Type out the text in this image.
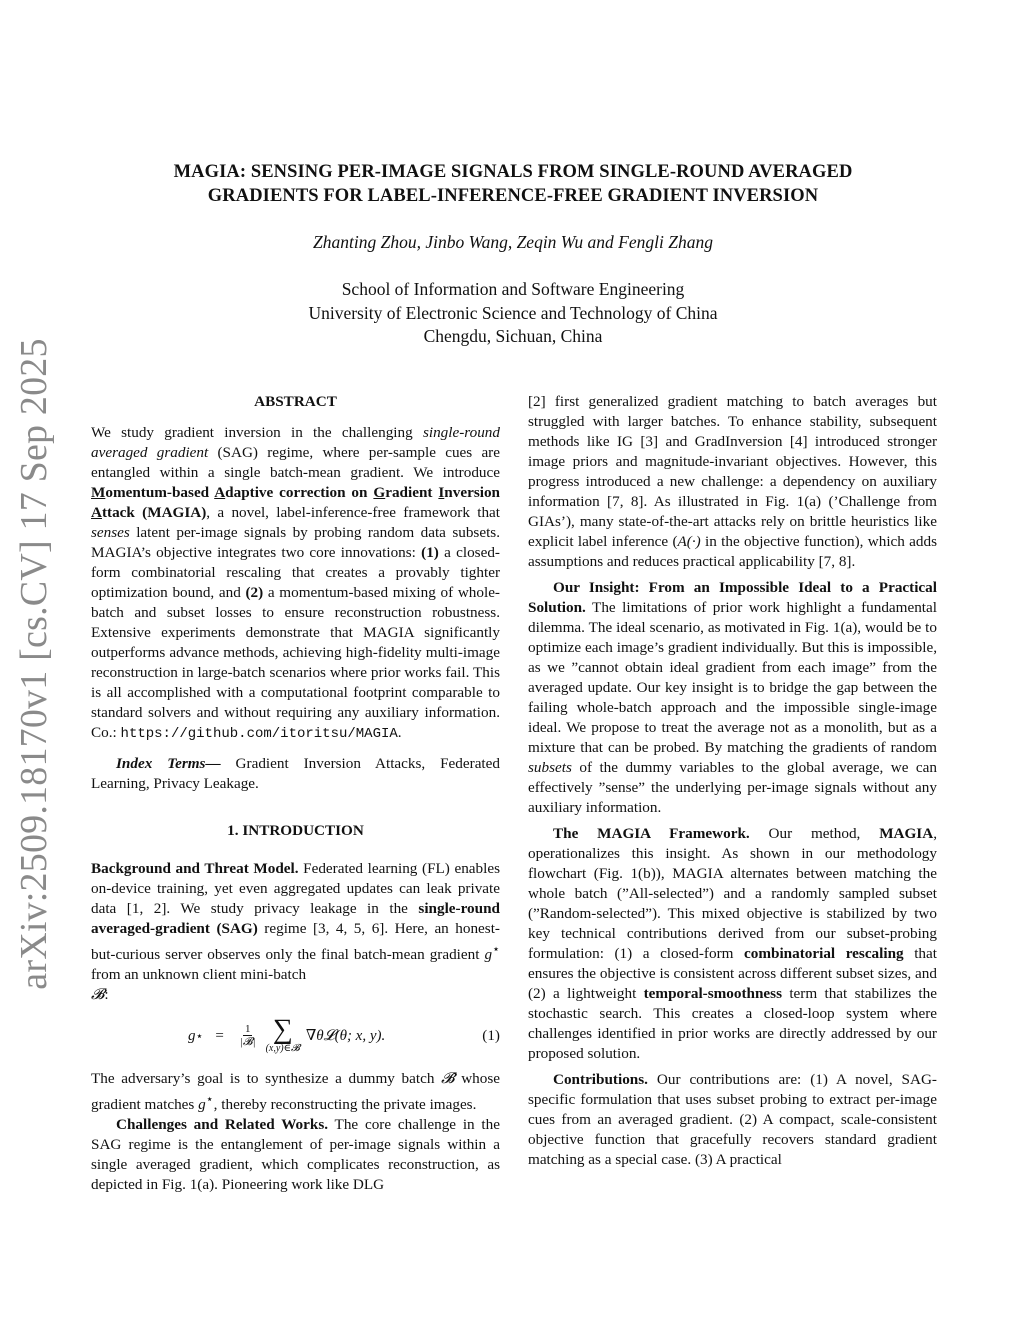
arXiv:2509.18170v1 [cs.CV] 17 Sep 2025
MAGIA: SENSING PER-IMAGE SIGNALS FROM SINGLE-ROUND AVERAGED
GRADIENTS FOR LABEL-INFERENCE-FREE GRADIENT INVERSION
Zhanting Zhou, Jinbo Wang, Zeqin Wu and Fengli Zhang
School of Information and Software Engineering
University of Electronic Science and Technology of China
Chengdu, Sichuan, China

ABSTRACT

We study gradient inversion in the challenging single-round averaged gradient (SAG) regime, where per-sample cues are entangled within a single batch-mean gradient. We introduce Momentum-based Adaptive correction on Gradient Inversion Attack (MAGIA), a novel, label-inference-free framework that senses latent per-image signals by probing random data subsets. MAGIA’s objective integrates two core innovations: (1) a closed-form combinatorial rescaling that creates a provably tighter optimization bound, and (2) a momentum-based mixing of whole-batch and subset losses to ensure reconstruction robustness. Extensive experiments demonstrate that MAGIA significantly outperforms advance methods, achieving high-fidelity multi-image reconstruction in large-batch scenarios where prior works fail. This is all accomplished with a computational footprint comparable to standard solvers and without requiring any auxiliary information. Co.: https://github.com/itoritsu/MAGIA.

Index Terms— Gradient Inversion Attacks, Federated Learning, Privacy Leakage.

1. INTRODUCTION

Background and Threat Model. Federated learning (FL) enables on-device training, yet even aggregated updates can leak private data [1, 2]. We study privacy leakage in the single-round averaged-gradient (SAG) regime [3, 4, 5, 6]. Here, an honest-but-curious server observes only the final batch-mean gradient g⋆ from an unknown client mini-batch
𝓑:

g ⋆ = $\frac{1}{\text{|𝓑|}}$ ∑
(x,y)∈𝓑
∇θ𝓛(θ; x, y).	(1)

The adversary’s goal is to synthesize a dummy batch 𝓑̂ whose gradient matches g⋆, thereby reconstructing the private images.

Challenges and Related Works. The core challenge in the SAG regime is the entanglement of per-image signals within a single averaged gradient, which complicates reconstruction, as depicted in Fig. 1(a). Pioneering work like DLG

[2] first generalized gradient matching to batch averages but struggled with larger batches. To enhance stability, subsequent methods like IG [3] and GradInversion [4] introduced stronger image priors and magnitude-invariant objectives. However, this progress introduced a new challenge: a dependency on auxiliary information [7, 8]. As illustrated in Fig. 1(a) (’Challenge from GIAs’), many state-of-the-art attacks rely on brittle heuristics like explicit label inference (A(·) in the objective function), which adds assumptions and reduces practical applicability [7, 8].

Our Insight: From an Impossible Ideal to a Practical Solution. The limitations of prior work highlight a fundamental dilemma. The ideal scenario, as motivated in Fig. 1(a), would be to optimize each image’s gradient individually. But this is impossible, as we ”cannot obtain ideal gradient from each image” from the averaged update. Our key insight is to bridge the gap between the failing whole-batch approach and the impossible single-image ideal. We propose to treat the average not as a monolith, but as a mixture that can be probed. By matching the gradients of random subsets of the dummy variables to the global average, we can effectively ”sense” the underlying per-image signals without any auxiliary information.

The MAGIA Framework. Our method, MAGIA, operationalizes this insight. As shown in our methodology flowchart (Fig. 1(b)), MAGIA alternates between matching the whole batch (”All-selected”) and a randomly sampled subset (”Random-selected”). This mixed objective is stabilized by two key technical contributions derived from our subset-probing formulation: (1) a closed-form combinatorial rescaling that ensures the objective is consistent across different subset sizes, and (2) a lightweight temporal-smoothness term that stabilizes the stochastic search. This creates a closed-loop system where challenges identified in prior works are directly addressed by our proposed solution.

Contributions. Our contributions are: (1) A novel, SAG-specific formulation that uses subset probing to extract per-image cues from an averaged gradient. (2) A compact, scale-consistent objective function that gracefully recovers standard gradient matching as a special case. (3) A practical
